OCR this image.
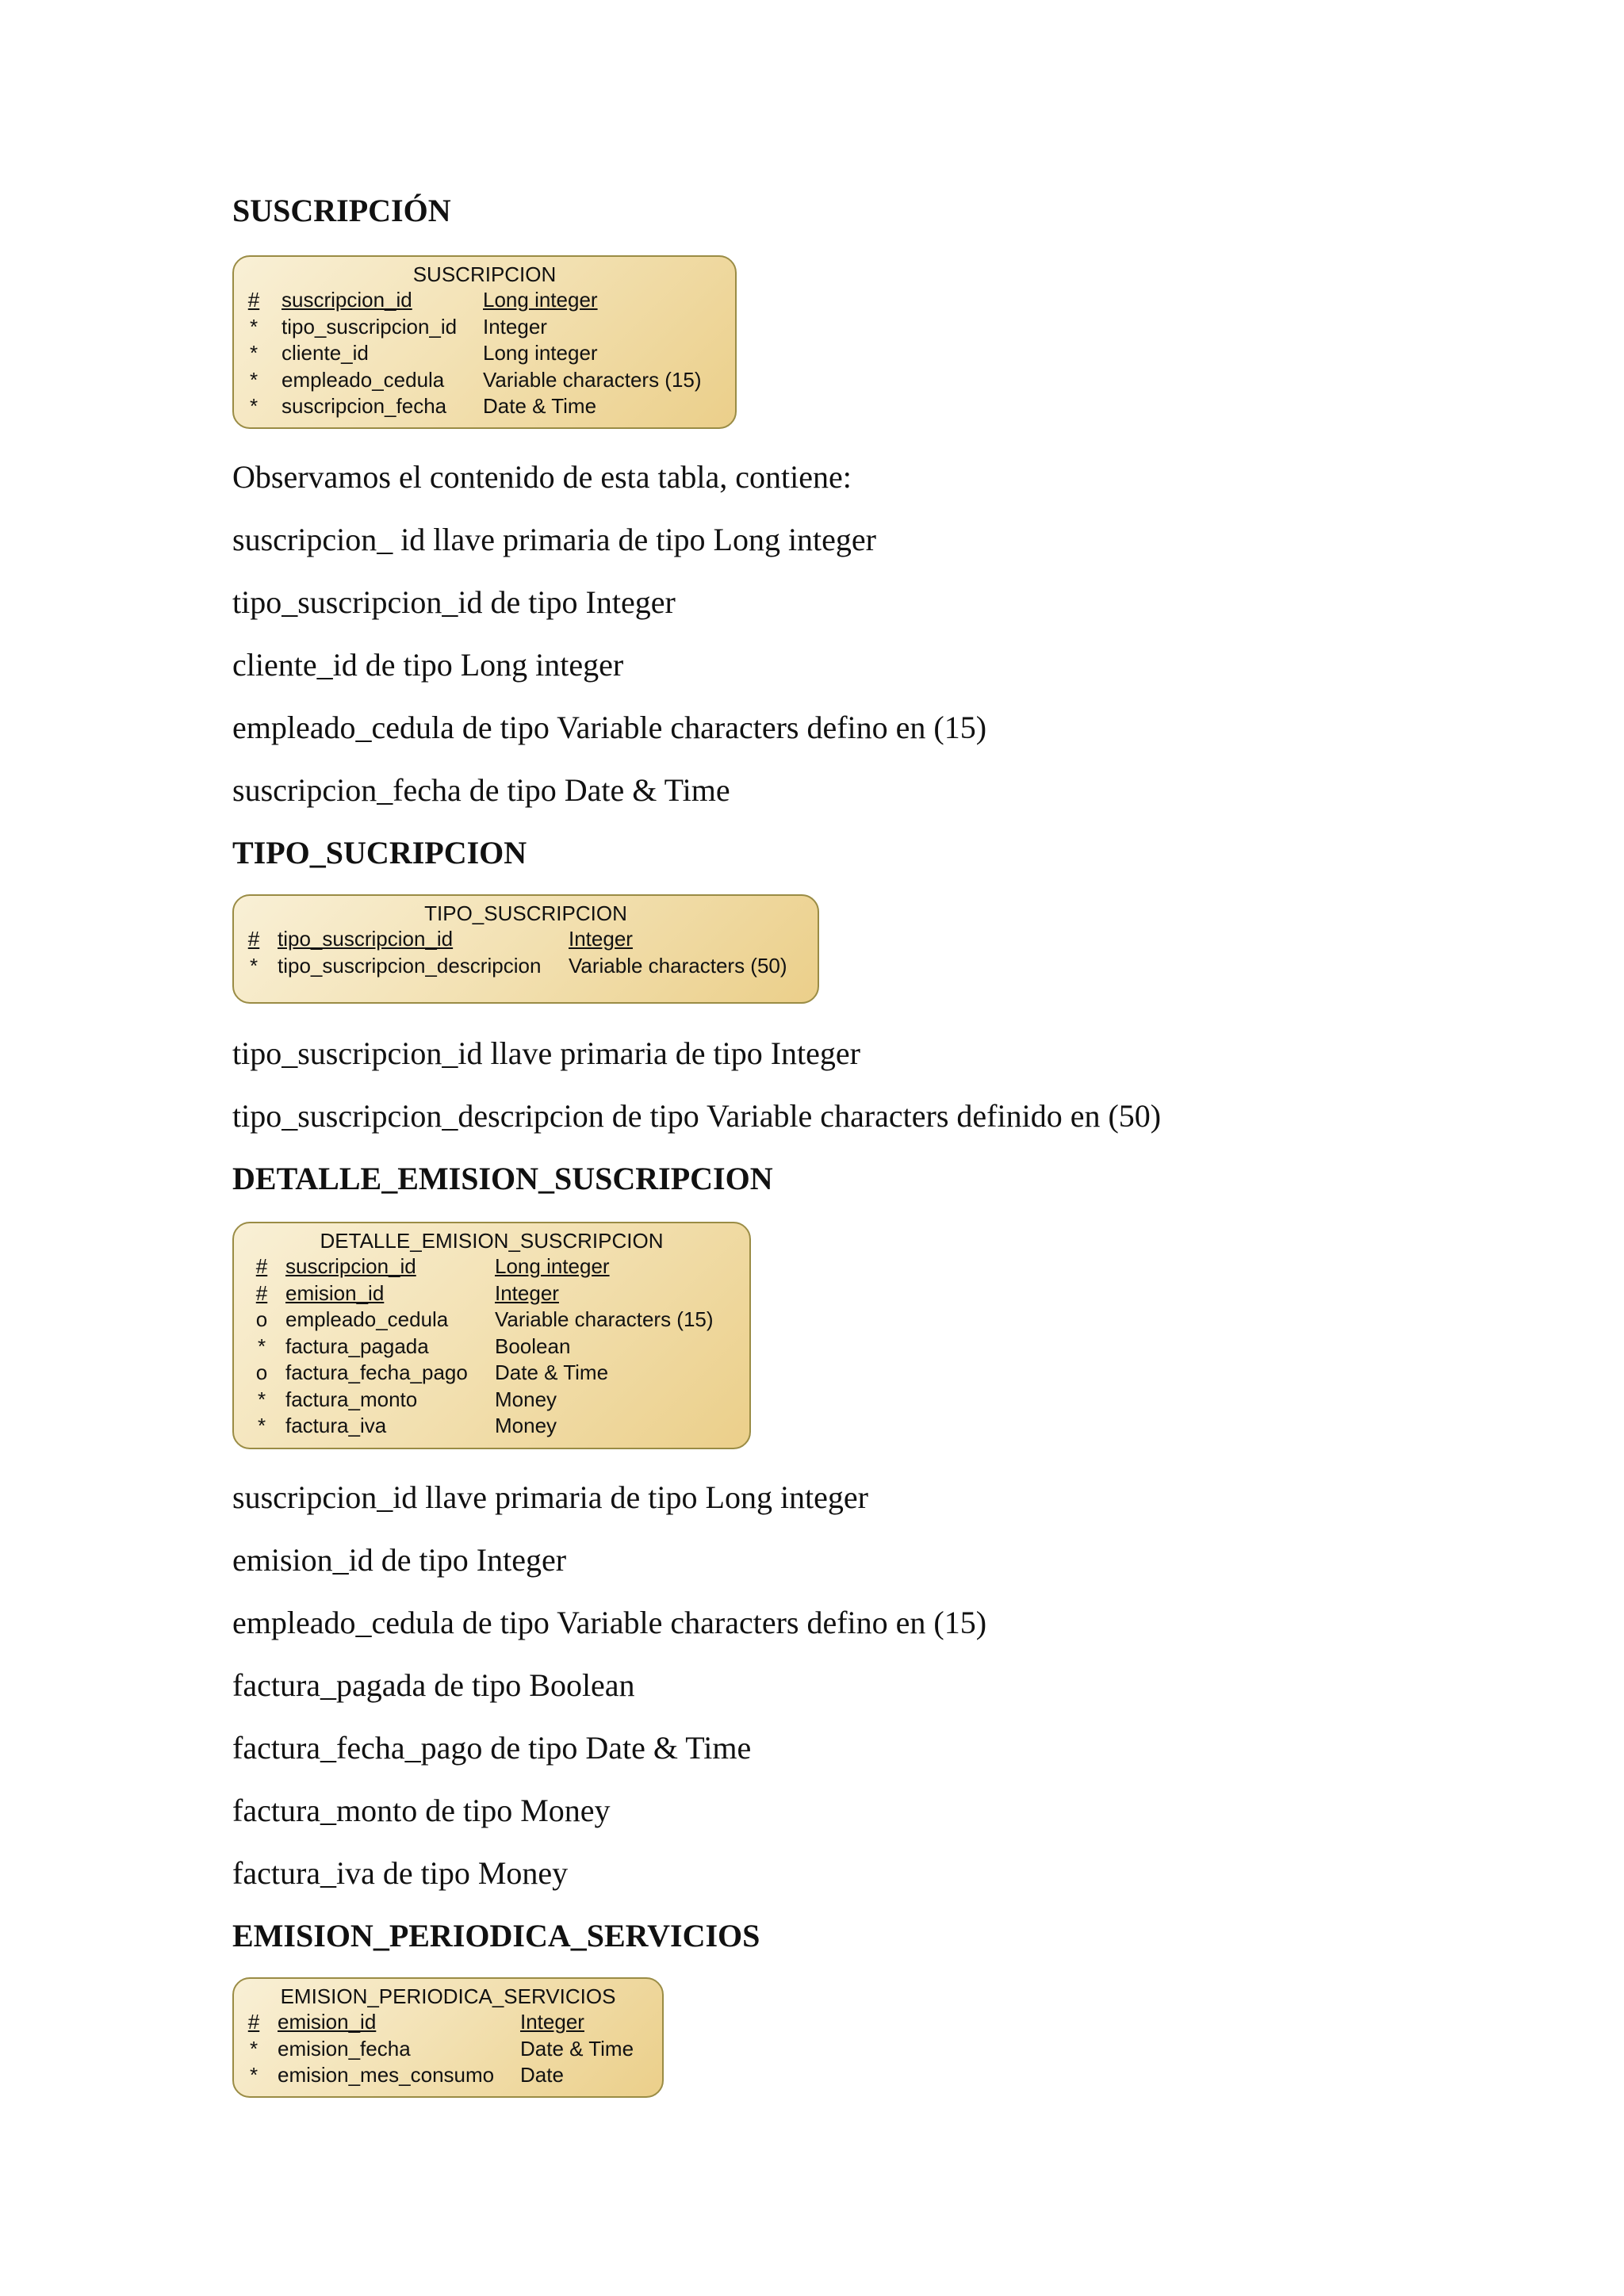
SUSCRIPCIÓN
SUSCRIPCION
# suscripcion_id	Long integer
* tipo_suscripcion_id Integer
* cliente_id	Long integer
* empleado_cedula Variable characters (15)
* suscripcion_fecha Date & Time

Observamos el contenido de esta tabla, contiene:

suscripcion_ id llave primaria de tipo Long integer

tipo_suscripcion_id de tipo Integer

cliente_id de tipo Long integer

empleado_cedula de tipo Variable characters defino en (15)

suscripcion_fecha de tipo Date & Time

TIPO_SUCRIPCION
TIPO_SUSCRIPCION
# tipo_suscripcion_id	Integer
* tipo_suscripcion_descripcion Variable characters (50)

tipo_suscripcion_id llave primaria de tipo Integer

tipo_suscripcion_descripcion de tipo Variable characters definido en (50)

DETALLE_EMISION_SUSCRIPCION
DETALLE_EMISION_SUSCRIPCION
# suscripcion_id	Long integer
# emision_id	Integer
o empleado_cedula Variable characters (15)
* factura_pagada	Boolean
o factura_fecha_pago Date & Time
* factura_monto	Money
* factura_iva	Money

suscripcion_id llave primaria de tipo Long integer

emision_id de tipo Integer

empleado_cedula de tipo Variable characters defino en (15)

factura_pagada de tipo Boolean

factura_fecha_pago de tipo Date & Time

factura_monto de tipo Money

factura_iva de tipo Money

EMISION_PERIODICA_SERVICIOS
EMISION_PERIODICA_SERVICIOS
# emision_id	Integer
* emision_fecha	Date & Time
* emision_mes_consumo Date
